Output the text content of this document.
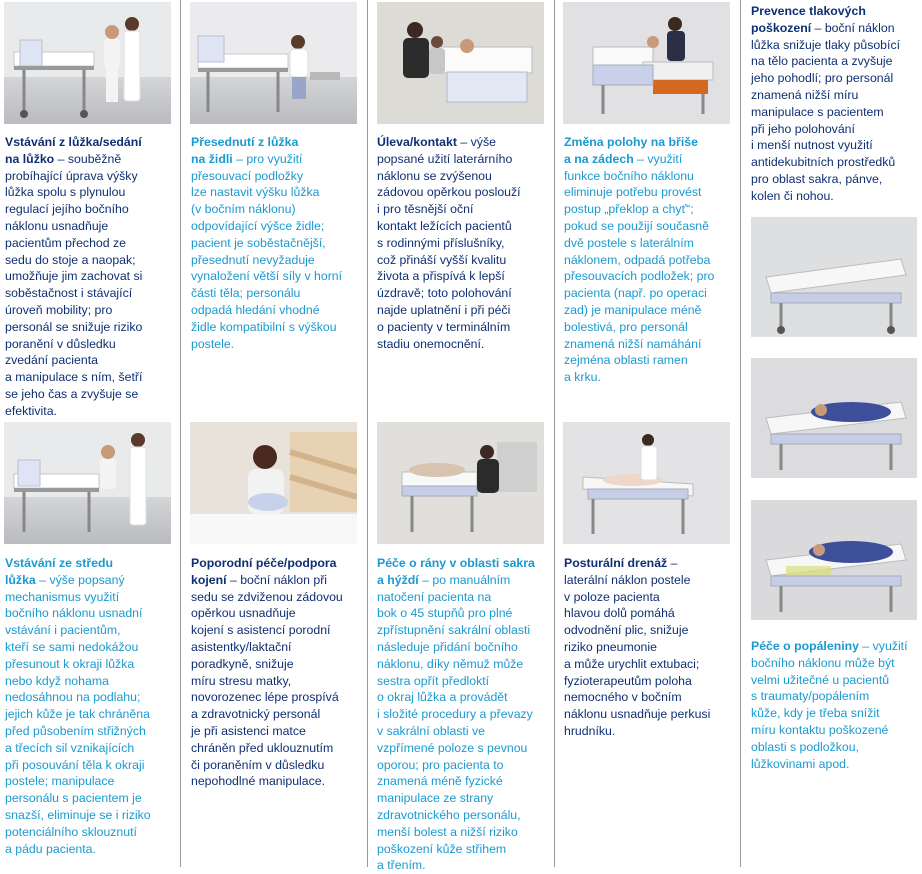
Vstávání z lůžka/sedání
na lůžko – souběžně
probíhající úprava výšky
lůžka spolu s plynulou
regulací jejího bočního
náklonu usnadňuje
pacientům přechod ze
sedu do stoje a naopak;
umožňuje jim zachovat si
soběstačnost i stávající
úroveň mobility; pro
personál se snižuje riziko
poranění v důsledku
zvedání pacienta
a manipulace s ním, šetří
se jeho čas a zvyšuje se
efektivita.

Přesednutí z lůžka
na židli – pro využití
přesouvací podložky
lze nastavit výšku lůžka
(v bočním náklonu)
odpovídající výšce židle;
pacient je soběstačnější,
přesednutí nevyžaduje
vynaložení větší síly v horní
části těla; personálu
odpadá hledání vhodné
židle kompatibilní s výškou
postele.

Úleva/kontakt – výše
popsané užití laterárního
náklonu se zvýšenou
zádovou opěrkou poslouží
i pro těsnější oční
kontakt ležících pacientů
s rodinnými příslušníky,
což přináší vyšší kvalitu
života a přispívá k lepší
úzdravě; toto polohování
najde uplatnění i při péči
o pacienty v terminálním
stadiu onemocnění.

Změna polohy na břiše
a na zádech – využití
funkce bočního náklonu
eliminuje potřebu provést
postup „překlop a chyť“;
pokud se použijí současně
dvě postele s laterálním
náklonem, odpadá potřeba
přesouvacích podložek; pro
pacienta (např. po operaci
zad) je manipulace méně
bolestivá, pro personál
znamená nižší namáhání
zejména oblasti ramen
a krku.

Prevence tlakových
poškození – boční náklon
lůžka snižuje tlaky působící
na tělo pacienta a zvyšuje
jeho pohodlí; pro personál
znamená nižší míru
manipulace s pacientem
při jeho polohování
i menší nutnost využití
antidekubitních prostředků
pro oblast sakra, pánve,
kolen či nohou.

Vstávání ze středu
lůžka – výše popsaný
mechanismus využití
bočního náklonu usnadní
vstávání i pacientům,
kteří se sami nedokážou
přesunout k okraji lůžka
nebo když nohama
nedosáhnou na podlahu;
jejich kůže je tak chráněna
před působením střižných
a třecích sil vznikajících
při posouvání těla k okraji
postele; manipulace
personálu s pacientem je
snazší, eliminuje se i riziko
potenciálního sklouznutí
a pádu pacienta.

Poporodní péče/podpora
kojení – boční náklon při
sedu se zdviženou zádovou
opěrkou usnadňuje
kojení s asistencí porodní
asistentky/laktační
poradkyně, snižuje
míru stresu matky,
novorozenec lépe prospívá
a zdravotnický personál
je při asistenci matce
chráněn před uklouznutím
či poraněním v důsledku
nepohodlné manipulace.

Péče o rány v oblasti sakra
a hýždí – po manuálním
natočení pacienta na
bok o 45 stupňů pro plné
zpřístupnění sakrální oblasti
následuje přidání bočního
náklonu, díky němuž může
sestra opřít předloktí
o okraj lůžka a provádět
i složité procedury a převazy
v sakrální oblasti ve
vzpřímené poloze s pevnou
oporou; pro pacienta to
znamená méně fyzické
manipulace ze strany
zdravotnického personálu,
menší bolest a nižší riziko
poškození kůže střihem
a třením.

Posturální drenáž –
laterální náklon postele
v poloze pacienta
hlavou dolů pomáhá
odvodnění plic, snižuje
riziko pneumonie
a může urychlit extubaci;
fyzioterapeutům poloha
nemocného v bočním
náklonu usnadňuje perkusi
hrudníku.

Péče o popáleniny – využití
bočního náklonu může být
velmi užitečné u pacientů
s traumaty/popálením
kůže, kdy je třeba snížit
míru kontaktu poškozené
oblasti s podložkou,
lůžkovinami apod.
